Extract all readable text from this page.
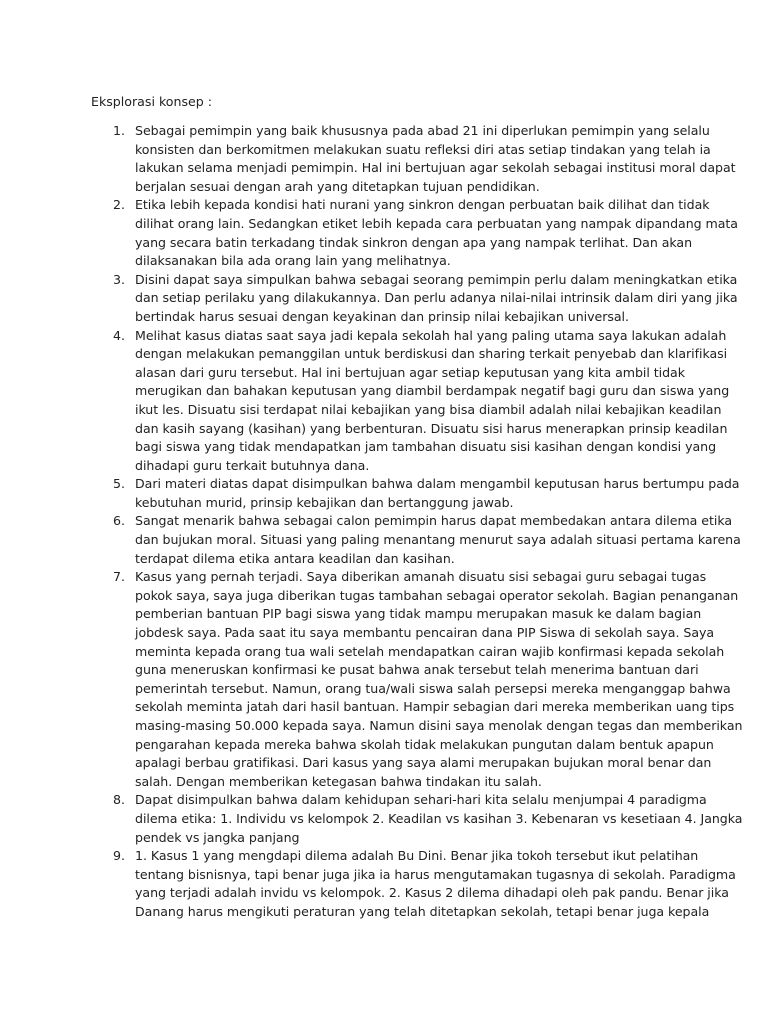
Eksplorasi konsep :

1. Sebagai pemimpin yang baik khususnya pada abad 21 ini diperlukan pemimpin yang selalu
konsisten dan berkomitmen melakukan suatu refleksi diri atas setiap tindakan yang telah ia
lakukan selama menjadi pemimpin. Hal ini bertujuan agar sekolah sebagai institusi moral dapat
berjalan sesuai dengan arah yang ditetapkan tujuan pendidikan.
2. Etika lebih kepada kondisi hati nurani yang sinkron dengan perbuatan baik dilihat dan tidak
dilihat orang lain. Sedangkan etiket lebih kepada cara perbuatan yang nampak dipandang mata
yang secara batin terkadang tindak sinkron dengan apa yang nampak terlihat. Dan akan
dilaksanakan bila ada orang lain yang melihatnya.
3. Disini dapat saya simpulkan bahwa sebagai seorang pemimpin perlu dalam meningkatkan etika
dan setiap perilaku yang dilakukannya. Dan perlu adanya nilai-nilai intrinsik dalam diri yang jika
bertindak harus sesuai dengan keyakinan dan prinsip nilai kebajikan universal.
4. Melihat kasus diatas saat saya jadi kepala sekolah hal yang paling utama saya lakukan adalah
dengan melakukan pemanggilan untuk berdiskusi dan sharing terkait penyebab dan klarifikasi
alasan dari guru tersebut. Hal ini bertujuan agar setiap keputusan yang kita ambil tidak
merugikan dan bahakan keputusan yang diambil berdampak negatif bagi guru dan siswa yang
ikut les. Disuatu sisi terdapat nilai kebajikan yang bisa diambil adalah nilai kebajikan keadilan
dan kasih sayang (kasihan) yang berbenturan. Disuatu sisi harus menerapkan prinsip keadilan
bagi siswa yang tidak mendapatkan jam tambahan disuatu sisi kasihan dengan kondisi yang
dihadapi guru terkait butuhnya dana.
5. Dari materi diatas dapat disimpulkan bahwa dalam mengambil keputusan harus bertumpu pada
kebutuhan murid, prinsip kebajikan dan bertanggung jawab.
6. Sangat menarik bahwa sebagai calon pemimpin harus dapat membedakan antara dilema etika
dan bujukan moral. Situasi yang paling menantang menurut saya adalah situasi pertama karena
terdapat dilema etika antara keadilan dan kasihan.
7. Kasus yang pernah terjadi. Saya diberikan amanah disuatu sisi sebagai guru sebagai tugas
pokok saya, saya juga diberikan tugas tambahan sebagai operator sekolah. Bagian penanganan
pemberian bantuan PIP bagi siswa yang tidak mampu merupakan masuk ke dalam bagian
jobdesk saya. Pada saat itu saya membantu pencairan dana PIP Siswa di sekolah saya. Saya
meminta kepada orang tua wali setelah mendapatkan cairan wajib konfirmasi kepada sekolah
guna meneruskan konfirmasi ke pusat bahwa anak tersebut telah menerima bantuan dari
pemerintah tersebut. Namun, orang tua/wali siswa salah persepsi mereka menganggap bahwa
sekolah meminta jatah dari hasil bantuan. Hampir sebagian dari mereka memberikan uang tips
masing-masing 50.000 kepada saya. Namun disini saya menolak dengan tegas dan memberikan
pengarahan kepada mereka bahwa skolah tidak melakukan pungutan dalam bentuk apapun
apalagi berbau gratifikasi. Dari kasus yang saya alami merupakan bujukan moral benar dan
salah. Dengan memberikan ketegasan bahwa tindakan itu salah.
8. Dapat disimpulkan bahwa dalam kehidupan sehari-hari kita selalu menjumpai 4 paradigma
dilema etika: 1. Individu vs kelompok 2. Keadilan vs kasihan 3. Kebenaran vs kesetiaan 4. Jangka
pendek vs jangka panjang
9. 1. Kasus 1 yang mengdapi dilema adalah Bu Dini. Benar jika tokoh tersebut ikut pelatihan
tentang bisnisnya, tapi benar juga jika ia harus mengutamakan tugasnya di sekolah. Paradigma
yang terjadi adalah invidu vs kelompok. 2. Kasus 2 dilema dihadapi oleh pak pandu. Benar jika
Danang harus mengikuti peraturan yang telah ditetapkan sekolah, tetapi benar juga kepala
